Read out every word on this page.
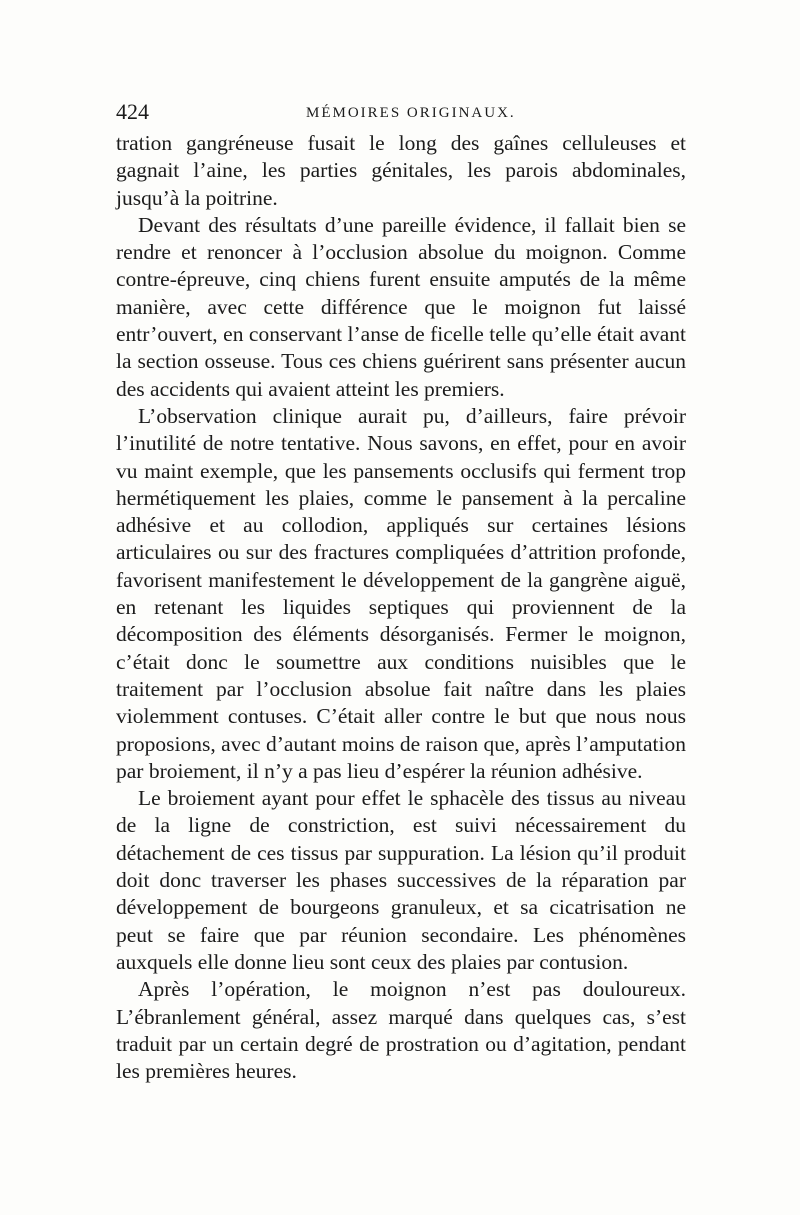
424	MÉMOIRES ORIGINAUX.

tration gangréneuse fusait le long des gaînes celluleuses et gagnait l’aine, les parties génitales, les parois abdominales, jusqu’à la poitrine.

Devant des résultats d’une pareille évidence, il fallait bien se rendre et renoncer à l’occlusion absolue du moignon. Comme contre-épreuve, cinq chiens furent ensuite amputés de la même manière, avec cette différence que le moignon fut laissé entr’ouvert, en conservant l’anse de ficelle telle qu’elle était avant la section osseuse. Tous ces chiens guérirent sans présenter aucun des accidents qui avaient atteint les premiers.

L’observation clinique aurait pu, d’ailleurs, faire prévoir l’inutilité de notre tentative. Nous savons, en effet, pour en avoir vu maint exemple, que les pansements occlusifs qui ferment trop hermétiquement les plaies, comme le pansement à la percaline adhésive et au collodion, appliqués sur certaines lésions articulaires ou sur des fractures compliquées d’attrition profonde, favorisent manifestement le développement de la gangrène aiguë, en retenant les liquides septiques qui proviennent de la décomposition des éléments désorganisés. Fermer le moignon, c’était donc le soumettre aux conditions nuisibles que le traitement par l’occlusion absolue fait naître dans les plaies violemment contuses. C’était aller contre le but que nous nous proposions, avec d’autant moins de raison que, après l’amputation par broiement, il n’y a pas lieu d’espérer la réunion adhésive.

Le broiement ayant pour effet le sphacèle des tissus au niveau de la ligne de constriction, est suivi nécessairement du détachement de ces tissus par suppuration. La lésion qu’il produit doit donc traverser les phases successives de la réparation par développement de bourgeons granuleux, et sa cicatrisation ne peut se faire que par réunion secondaire. Les phénomènes auxquels elle donne lieu sont ceux des plaies par contusion.

Après l’opération, le moignon n’est pas douloureux. L’ébranlement général, assez marqué dans quelques cas, s’est traduit par un certain degré de prostration ou d’agitation, pendant les premières heures.
